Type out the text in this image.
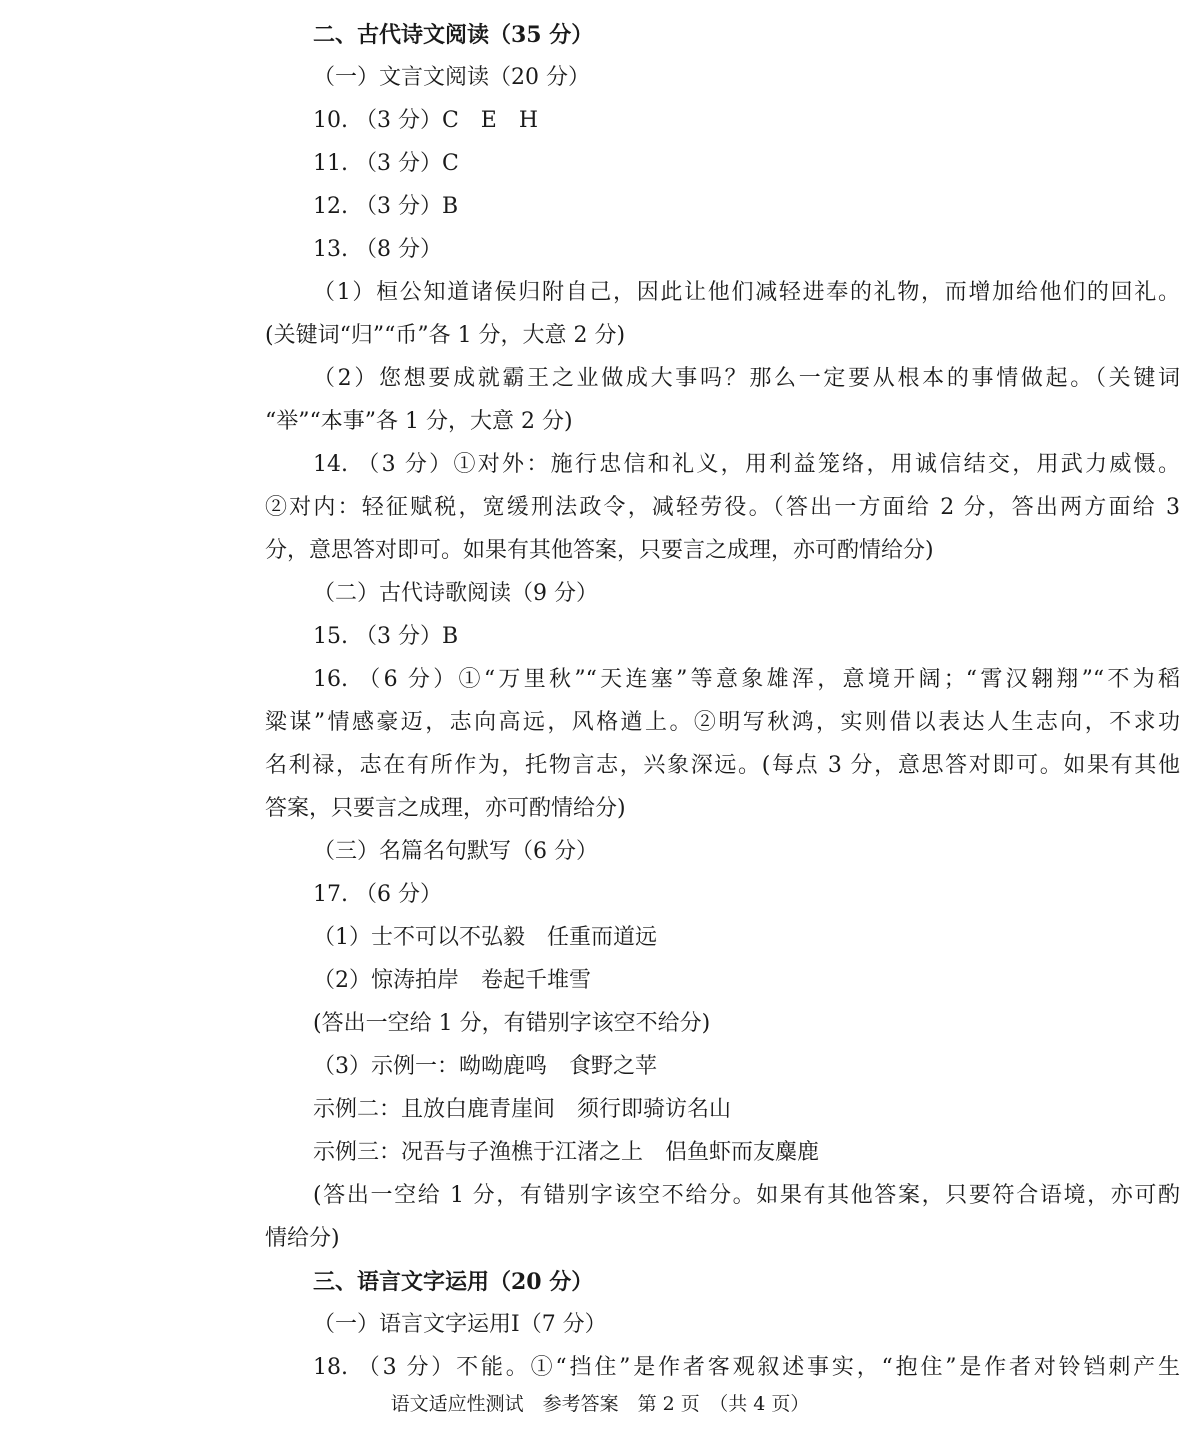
二、古代诗文阅读（35 分）
（一）文言文阅读（20 分）
10. （3 分）C　E　H
11. （3 分）C
12. （3 分）B
13. （8 分）
（1）桓公知道诸侯归附自己，因此让他们减轻进奉的礼物，而增加给他们的回礼。
(关键词“归”“币”各 1 分，大意 2 分)
（2）您想要成就霸王之业做成大事吗？那么一定要从根本的事情做起。（关键词
“举”“本事”各 1 分，大意 2 分)
14. （3 分）①对外：施行忠信和礼义，用利益笼络，用诚信结交，用武力威慑。
②对内：轻征赋税，宽缓刑法政令，减轻劳役。（答出一方面给 2 分，答出两方面给 3
分，意思答对即可。如果有其他答案，只要言之成理，亦可酌情给分)
（二）古代诗歌阅读（9 分）
15. （3 分）B
16. （6 分）①“万里秋”“天连塞”等意象雄浑，意境开阔；“霄汉翱翔”“不为稻
粱谋”情感豪迈，志向高远，风格遒上。②明写秋鸿，实则借以表达人生志向，不求功
名利禄，志在有所作为，托物言志，兴象深远。(每点 3 分，意思答对即可。如果有其他
答案，只要言之成理，亦可酌情给分)
（三）名篇名句默写（6 分）
17. （6 分）
（1）士不可以不弘毅　任重而道远
（2）惊涛拍岸　卷起千堆雪
(答出一空给 1 分，有错别字该空不给分)
（3）示例一：呦呦鹿鸣　食野之苹
示例二：且放白鹿青崖间　须行即骑访名山
示例三：况吾与子渔樵于江渚之上　侣鱼虾而友麋鹿
(答出一空给 1 分，有错别字该空不给分。如果有其他答案，只要符合语境，亦可酌
情给分)
三、语言文字运用（20 分）
（一）语言文字运用Ⅰ（7 分）
18. （3 分）不能。①“挡住”是作者客观叙述事实，“抱住”是作者对铃铛刺产生
语文适应性测试　参考答案　第 2 页　（共 4 页）
